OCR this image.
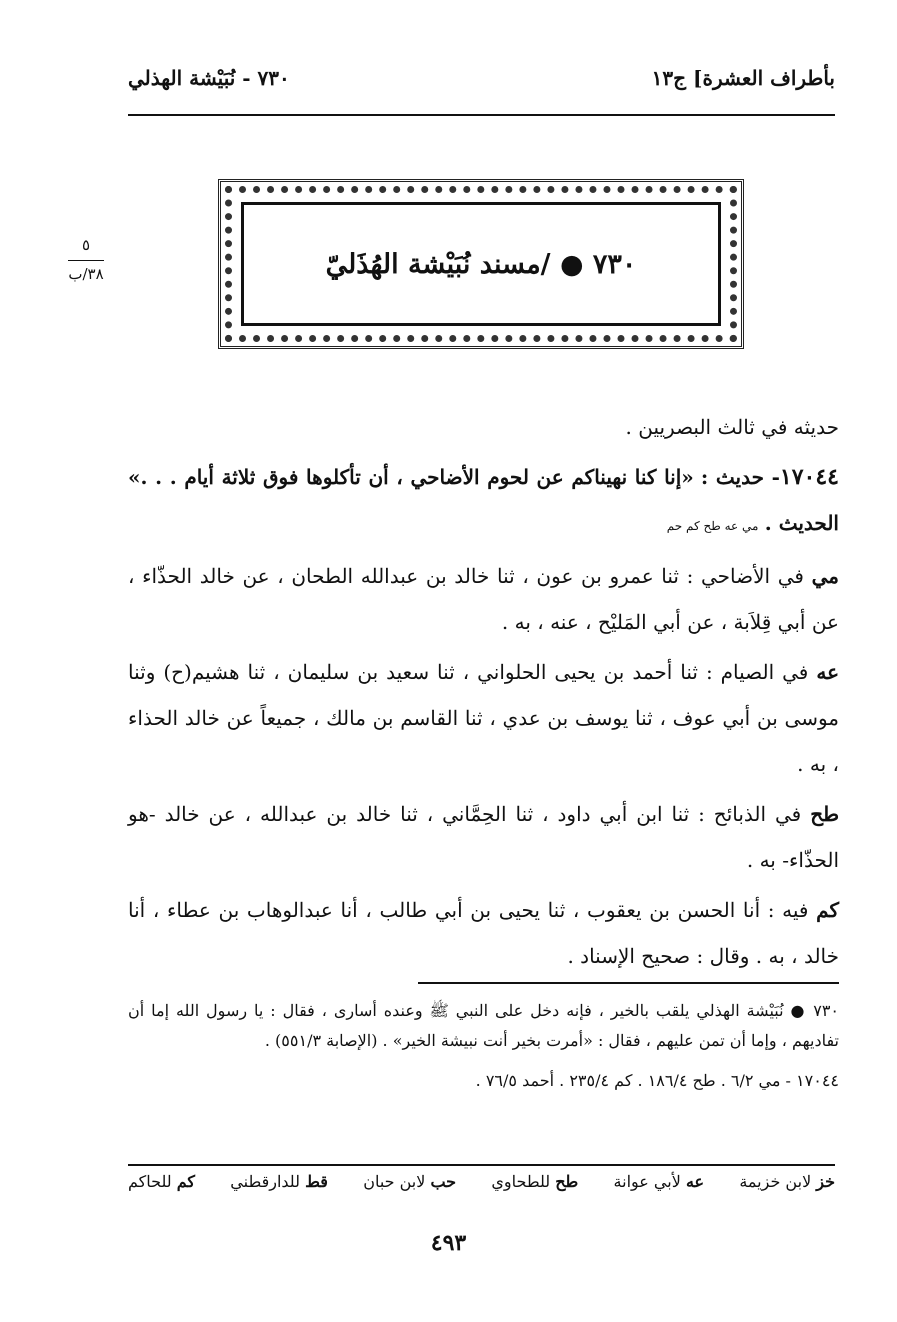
بأطراف العشرة] ج١٣
٧٣٠ - نُبَيْشة الهذلي
٧٣٠ ● /مسند نُبَيْشة الهُذَليّ
٥
٣٨/ب

حديثه في ثالث البصريين .

١٧٠٤٤- حديث : «إنا كنا نهيناكم عن لحوم الأضاحي ، أن تأكلوها فوق ثلاثة أيام . . .» الحديث . مي عه طح كم حم

مي في الأضاحي : ثنا عمرو بن عون ، ثنا خالد بن عبدالله الطحان ، عن خالد الحذّاء ، عن أبي قِلاَبة ، عن أبي المَليْح ، عنه ، به .

عه في الصيام : ثنا أحمد بن يحيى الحلواني ، ثنا سعيد بن سليمان ، ثنا هشيم(ح) وثنا موسى بن أبي عوف ، ثنا يوسف بن عدي ، ثنا القاسم بن مالك ، جميعاً عن خالد الحذاء ، به .

طح في الذبائح : ثنا ابن أبي داود ، ثنا الحِمَّاني ، ثنا خالد بن عبدالله ، عن خالد -هو الحذّاء- به .

كم فيه : أنا الحسن بن يعقوب ، ثنا يحيى بن أبي طالب ، أنا عبدالوهاب بن عطاء ، أنا خالد ، به . وقال : صحيح الإسناد .

٧٣٠ ● نُبَيْشة الهذلي يلقب بالخير ، فإنه دخل على النبي ﷺ وعنده أسارى ، فقال : يا رسول الله إما أن تفاديهم ، وإما أن تمن عليهم ، فقال : «أمرت بخير أنت نبيشة الخير» . (الإصابة ٥٥١/٣) .

١٧٠٤٤ - مي ٦/٢ . طح ١٨٦/٤ . كم ٢٣٥/٤ . أحمد ٧٦/٥ .

خز لابن خزيمة
عه لأبي عوانة
طح للطحاوي
حب لابن حبان
قط للدارقطني
كم للحاكم
٤٩٣
